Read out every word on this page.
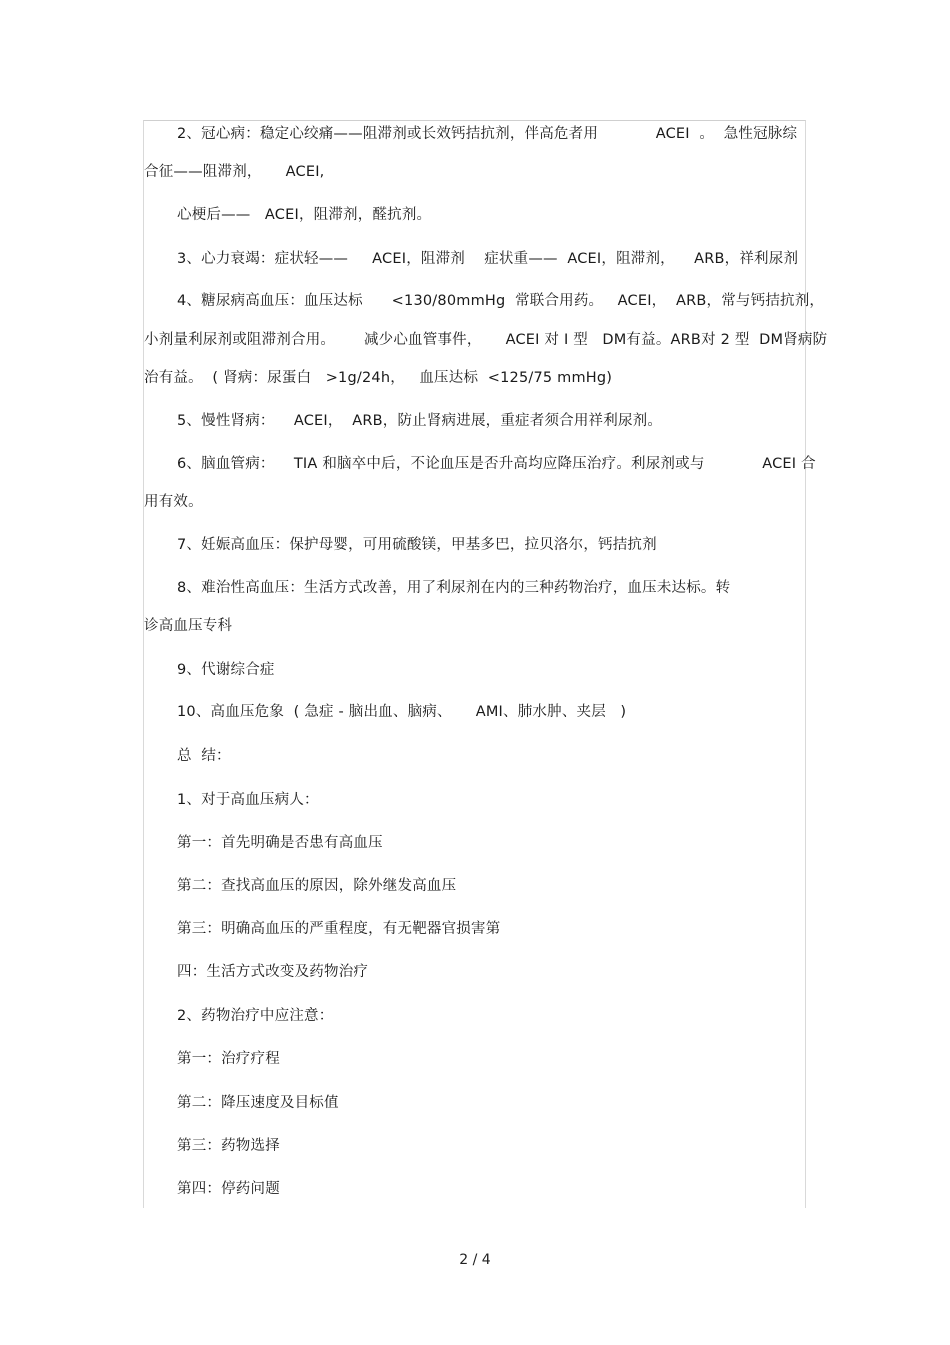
2、冠心病：稳定心绞痛——阻滞剂或长效钙拮抗剂，伴高危者用            ACEI  。  急性冠脉综
合征——阻滞剂，     ACEI,
心梗后——   ACEI，阻滞剂，醛抗剂。
3、心力衰竭：症状轻——     ACEI，阻滞剂    症状重——  ACEI，阻滞剂，    ARB，祥利尿剂
4、糖尿病高血压：血压达标      <130/80mmHg  常联合用药。   ACEI，  ARB，常与钙拮抗剂，
小剂量利尿剂或阻滞剂合用。      减少心血管事件，     ACEI 对 Ⅰ 型   DM有益。ARB对 2 型  DM肾病防
治有益。  ( 肾病：尿蛋白   >1g/24h，   血压达标  <125/75 mmHg)
5、慢性肾病：    ACEI，  ARB，防止肾病进展，重症者须合用祥利尿剂。
6、脑血管病：    TIA 和脑卒中后，不论血压是否升高均应降压治疗。利尿剂或与            ACEI 合
用有效。
7、妊娠高血压：保护母婴，可用硫酸镁，甲基多巴，拉贝洛尔，钙拮抗剂
8、难治性高血压：生活方式改善，用了利尿剂在内的三种药物治疗，血压未达标。转
诊高血压专科
9、代谢综合症
10、高血压危象  ( 急症 - 脑出血、脑病、     AMI、肺水肿、夹层   )
总  结：
1、对于高血压病人：
第一：首先明确是否患有高血压
第二：查找高血压的原因，除外继发高血压
第三：明确高血压的严重程度，有无靶器官损害第
四：生活方式改变及药物治疗
2、药物治疗中应注意：
第一：治疗疗程
第二：降压速度及目标值
第三：药物选择
第四：停药问题
2 / 4
